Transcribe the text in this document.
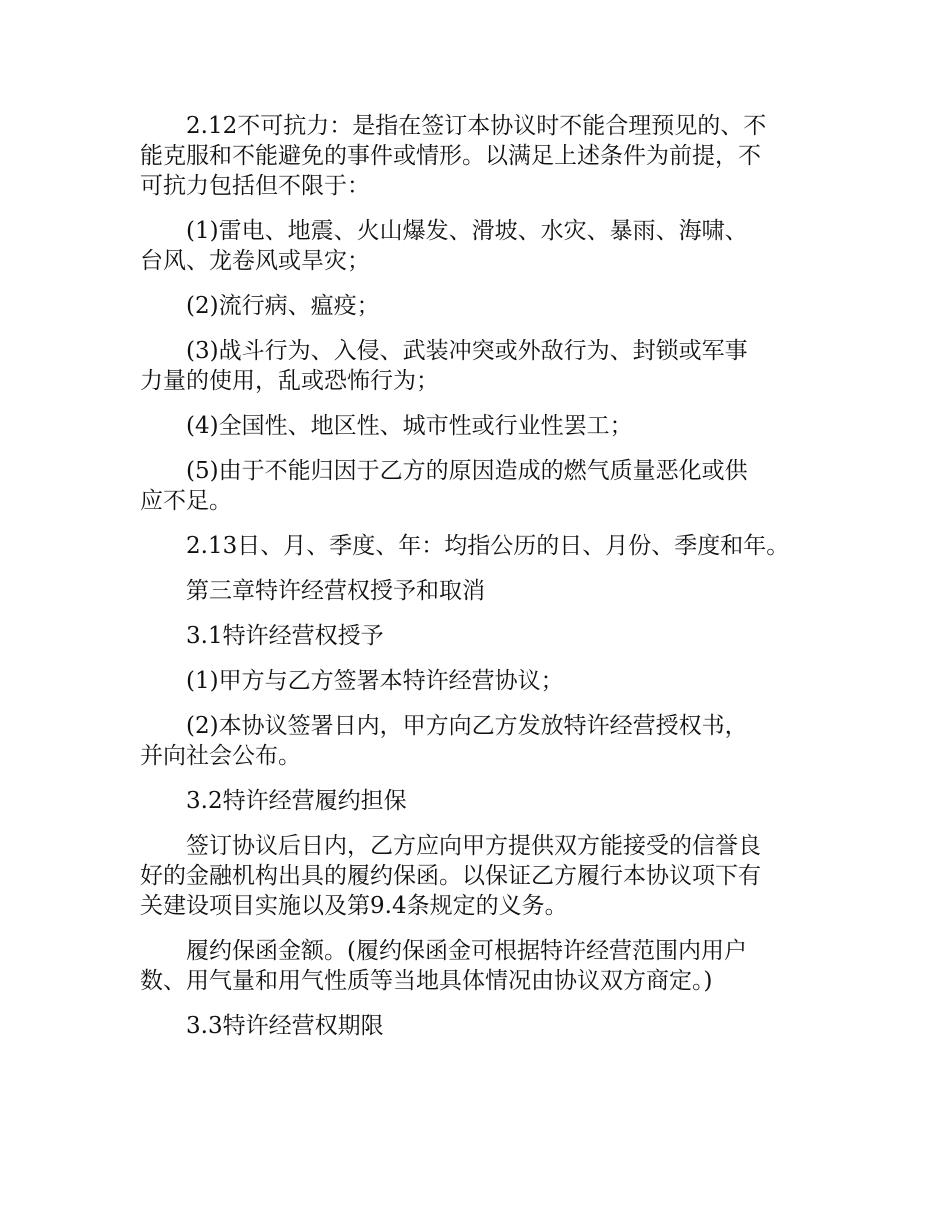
2.12不可抗力：是指在签订本协议时不能合理预见的、不
能克服和不能避免的事件或情形。以满足上述条件为前提，不
可抗力包括但不限于：

(1)雷电、地震、火山爆发、滑坡、水灾、暴雨、海啸、
台风、龙卷风或旱灾；

(2)流行病、瘟疫；

(3)战斗行为、入侵、武装冲突或外敌行为、封锁或军事
力量的使用，乱或恐怖行为；

(4)全国性、地区性、城市性或行业性罢工；

(5)由于不能归因于乙方的原因造成的燃气质量恶化或供
应不足。

2.13日、月、季度、年：均指公历的日、月份、季度和年。

第三章特许经营权授予和取消

3.1特许经营权授予

(1)甲方与乙方签署本特许经营协议；

(2)本协议签署日内，甲方向乙方发放特许经营授权书，
并向社会公布。

3.2特许经营履约担保

签订协议后日内，乙方应向甲方提供双方能接受的信誉良
好的金融机构出具的履约保函。以保证乙方履行本协议项下有
关建设项目实施以及第9.4条规定的义务。

履约保函金额。(履约保函金可根据特许经营范围内用户
数、用气量和用气性质等当地具体情况由协议双方商定。)

3.3特许经营权期限
